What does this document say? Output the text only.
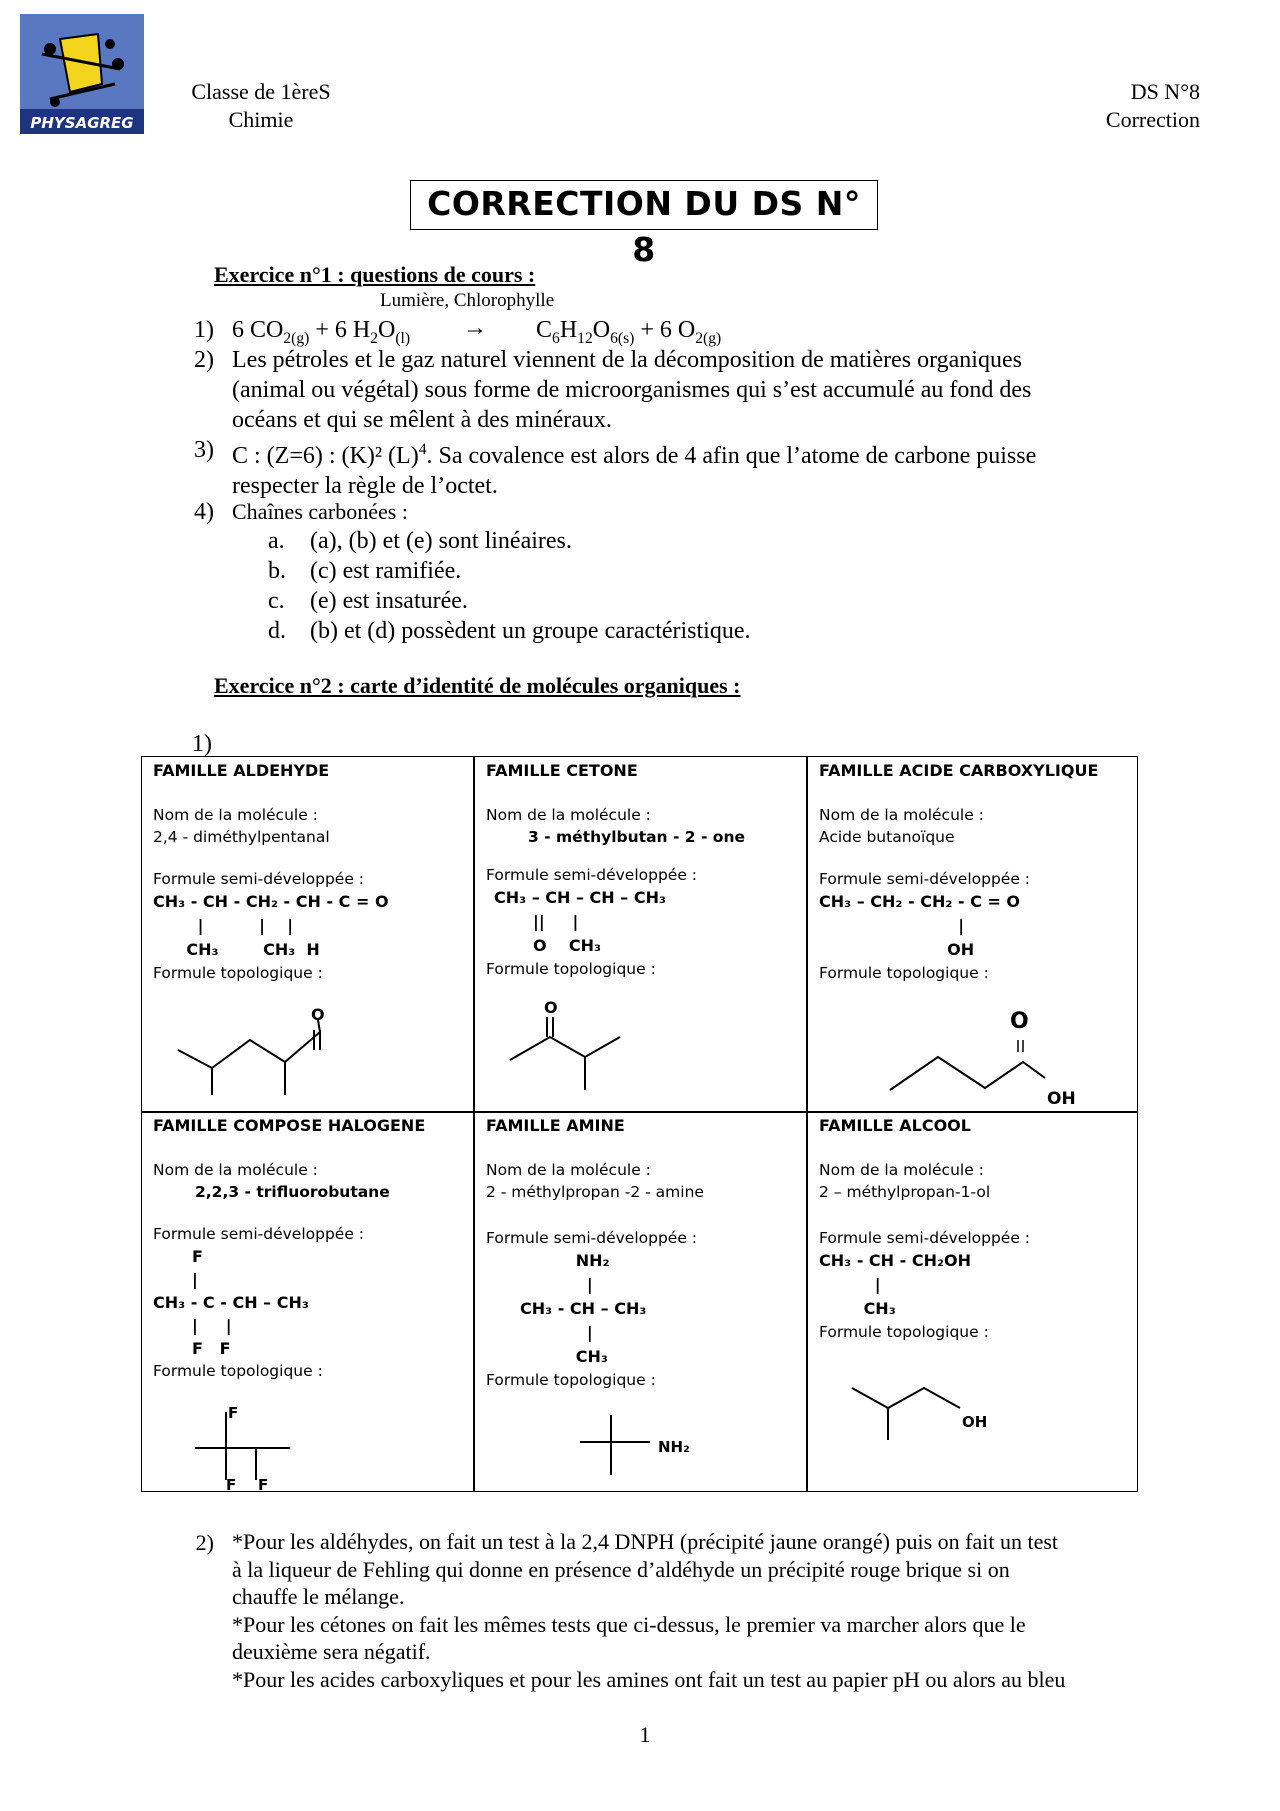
PHYSAGREG
Classe de 1èreS
Chimie
DS N°8
Correction
CORRECTION DU DS N° 8
Exercice n°1 : questions de cours :
Lumière, Chlorophylle
1) 6 $CO_{2(g)} + 6$ $H_2O_{(l)} \to C_6H_{12}O_{6(s)} + 6$ $O_{2(g)}$
2) Les pétroles et le gaz naturel viennent de la décomposition de matières organiques
(animal ou végétal) sous forme de microorganismes qui s’est accumulé au fond des
océans et qui se mêlent à des minéraux.
3) C : (Z=6) : (K)² $(L)^4$. Sa covalence est alors de 4 afin que l’atome de carbone puisse
respecter la règle de l’octet.
4) Chaînes carbonées :
a. (a), (b) et (e) sont linéaires.
b. (c) est ramifiée.
c. (e) est insaturée.
d. (b) et (d) possèdent un groupe caractéristique.
Exercice n°2 : carte d’identité de molécules organiques :
1)
FAMILLE ALDEHYDE
Nom de la molécule :
2,4 - diméthylpentanal
Formule semi-développée :
CH₃ - CH - CH₂ - CH - C = O
|          |    |
CH₃        CH₃  H
Formule topologique :
O
FAMILLE CETONE
Nom de la molécule :
3 - méthylbutan - 2 - one
Formule semi-développée :
CH₃ – CH – CH – CH₃
||     |
O    CH₃
Formule topologique :
O
FAMILLE ACIDE CARBOXYLIQUE
Nom de la molécule :
Acide butanoïque
Formule semi-développée :
CH₃ – CH₂ - CH₂ - C = O
|
OH
Formule topologique :
O
OH
FAMILLE COMPOSE HALOGENE
Nom de la molécule :
2,2,3 - trifluorobutane
Formule semi-développée :
F
|
CH₃ - C - CH – CH₃
|     |
F   F
Formule topologique :
F
F F
FAMILLE AMINE
Nom de la molécule :
2 - méthylpropan -2 - amine
Formule semi-développée :
NH₂
|
CH₃ - CH – CH₃
|
CH₃
Formule topologique :
NH₂
FAMILLE ALCOOL
Nom de la molécule :
2 – méthylpropan-1-ol
Formule semi-développée :
CH₃ - CH - CH₂OH
|
CH₃
Formule topologique :
OH
2) *Pour les aldéhydes, on fait un test à la 2,4 DNPH (précipité jaune orangé) puis on fait un test
à la liqueur de Fehling qui donne en présence d’aldéhyde un précipité rouge brique si on
chauffe le mélange.
*Pour les cétones on fait les mêmes tests que ci-dessus, le premier va marcher alors que le
deuxième sera négatif.
*Pour les acides carboxyliques et pour les amines ont fait un test au papier pH ou alors au bleu
1
